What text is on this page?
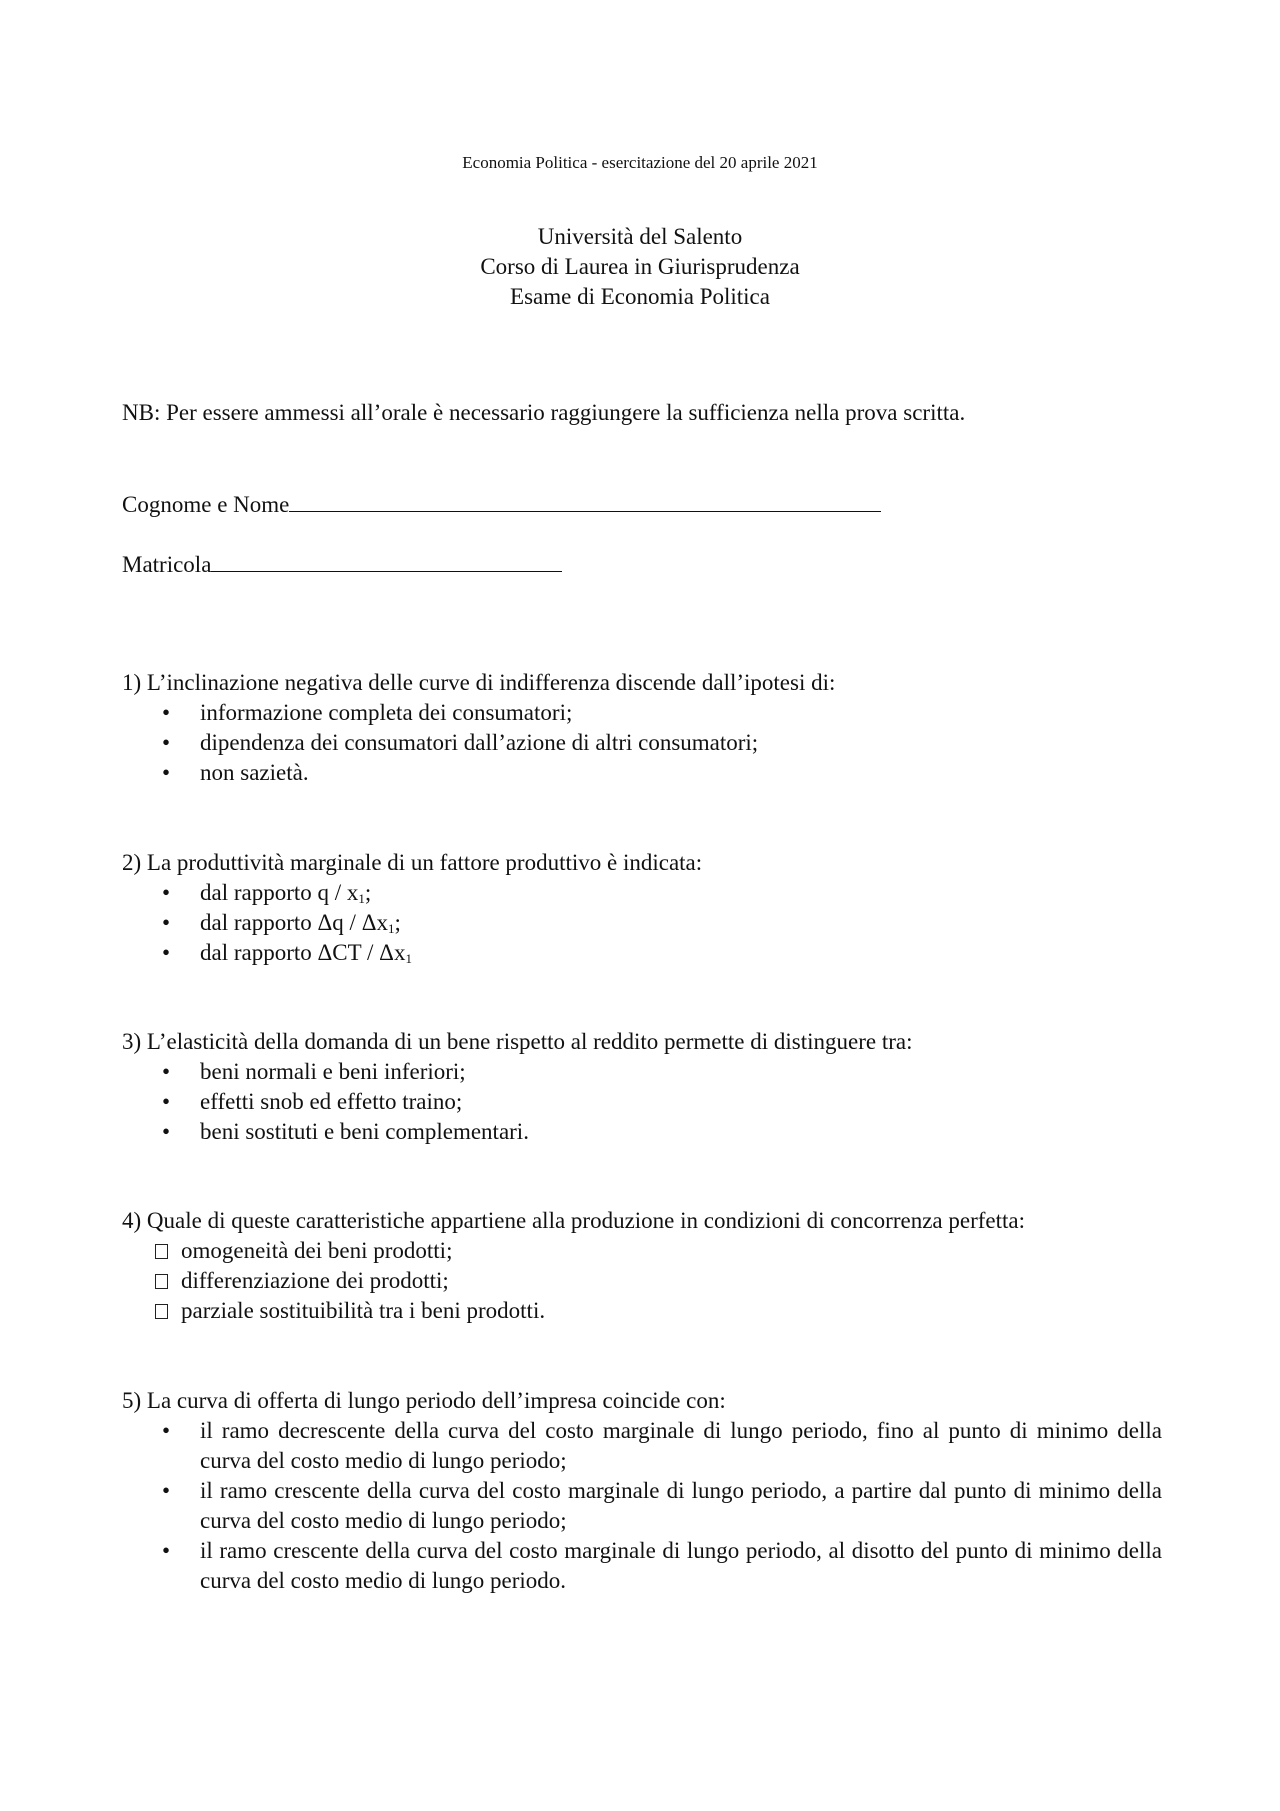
Economia Politica - esercitazione del 20 aprile 2021
Università del Salento
Corso di Laurea in Giurisprudenza
Esame di Economia Politica
NB: Per essere ammessi all’orale è necessario raggiungere la sufficienza nella prova scritta.
Cognome e Nome
Matricola
1) L’inclinazione negativa delle curve di indifferenza discende dall’ipotesi di:
• informazione completa dei consumatori;
• dipendenza dei consumatori dall’azione di altri consumatori;
• non sazietà.
2) La produttività marginale di un fattore produttivo è indicata:
• dal rapporto q / $x_1$;
• dal rapporto Δq / $\Delta x_1$;
• dal rapporto ΔCT / $\Delta x_1$
3) L’elasticità della domanda di un bene rispetto al reddito permette di distinguere tra:
• beni normali e beni inferiori;
• effetti snob ed effetto traino;
• beni sostituti e beni complementari.
4) Quale di queste caratteristiche appartiene alla produzione in condizioni di concorrenza perfetta:
omogeneità dei beni prodotti;
differenziazione dei prodotti;
parziale sostituibilità tra i beni prodotti.
5) La curva di offerta di lungo periodo dell’impresa coincide con:
• il ramo decrescente della curva del costo marginale di lungo periodo, fino al punto di minimo della curva del costo medio di lungo periodo;
• il ramo crescente della curva del costo marginale di lungo periodo, a partire dal punto di minimo della curva del costo medio di lungo periodo;
• il ramo crescente della curva del costo marginale di lungo periodo, al disotto del punto di minimo della curva del costo medio di lungo periodo.
